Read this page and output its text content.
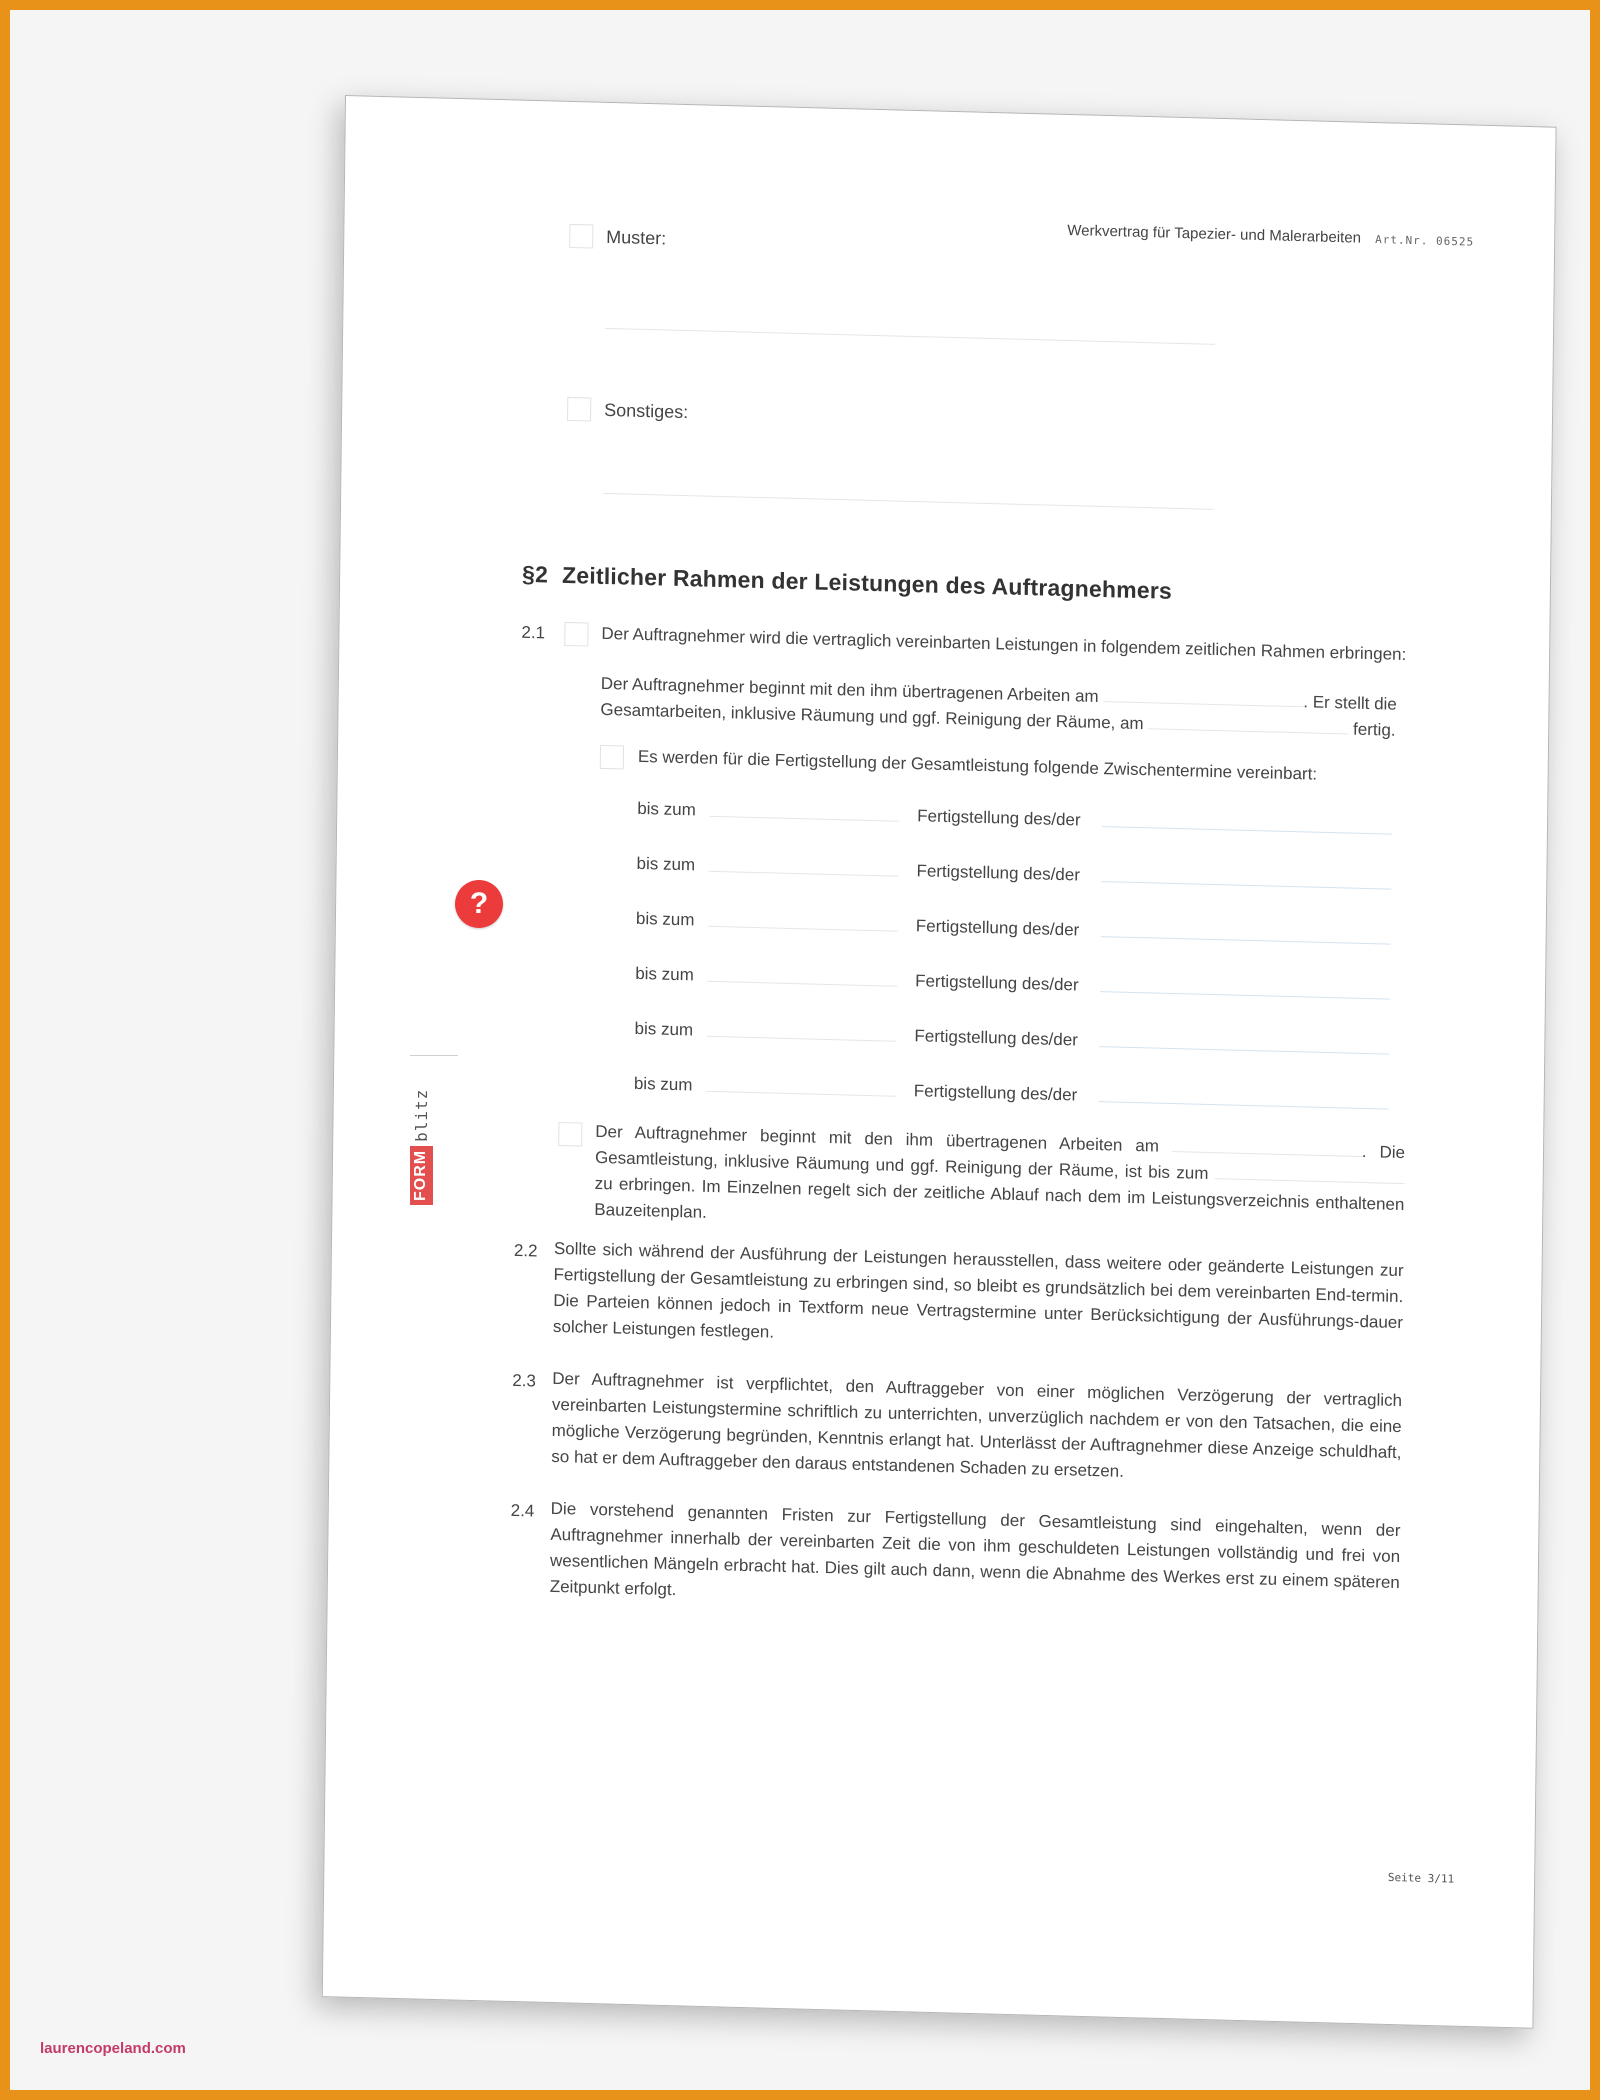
Werkvertrag für Tapezier- und Malerarbeiten Art.Nr. 06525
Muster:
Sonstiges:
§2 Zeitlicher Rahmen der Leistungen des Auftragnehmers
2.1	Der Auftragnehmer wird die vertraglich vereinbarten Leistungen in folgendem zeitlichen Rahmen erbringen:
Der Auftragnehmer beginnt mit den ihm übertragenen Arbeiten am	. Er stellt die
Gesamtarbeiten, inklusive Räumung und ggf. Reinigung der Räume, am	fertig.
Es werden für die Fertigstellung der Gesamtleistung folgende Zwischentermine vereinbart:
bis zum	Fertigstellung des/der
bis zum	Fertigstellung des/der
bis zum	Fertigstellung des/der
bis zum	Fertigstellung des/der
bis zum	Fertigstellung des/der
bis zum	Fertigstellung des/der
Der Auftragnehmer beginnt mit den ihm übertragenen Arbeiten am	. Die Gesamtleistung, inklusive Räumung und ggf. Reinigung der Räume, ist bis zum  zu erbringen. Im Einzelnen regelt sich der zeitliche Ablauf nach dem im Leistungsverzeichnis enthaltenen Bauzeitenplan.
2.2 Sollte sich während der Ausführung der Leistungen herausstellen, dass weitere oder geänderte Leistungen zur Fertigstellung der Gesamtleistung zu erbringen sind, so bleibt es grundsätzlich bei dem vereinbarten End-termin. Die Parteien können jedoch in Textform neue Vertragstermine unter Berücksichtigung der Ausführungs-dauer solcher Leistungen festlegen.
2.3 Der Auftragnehmer ist verpflichtet, den Auftraggeber von einer möglichen Verzögerung der vertraglich vereinbarten Leistungstermine schriftlich zu unterrichten, unverzüglich nachdem er von den Tatsachen, die eine mögliche Verzögerung begründen, Kenntnis erlangt hat. Unterlässt der Auftragnehmer diese Anzeige schuldhaft, so hat er dem Auftraggeber den daraus entstandenen Schaden zu ersetzen.
2.4 Die vorstehend genannten Fristen zur Fertigstellung der Gesamtleistung sind eingehalten, wenn der Auftragnehmer innerhalb der vereinbarten Zeit die von ihm geschuldeten Leistungen vollständig und frei von wesentlichen Mängeln erbracht hat. Dies gilt auch dann, wenn die Abnahme des Werkes erst zu einem späteren Zeitpunkt erfolgt.
Seite 3/11
?
FORM
blitz
laurencopeland.com
